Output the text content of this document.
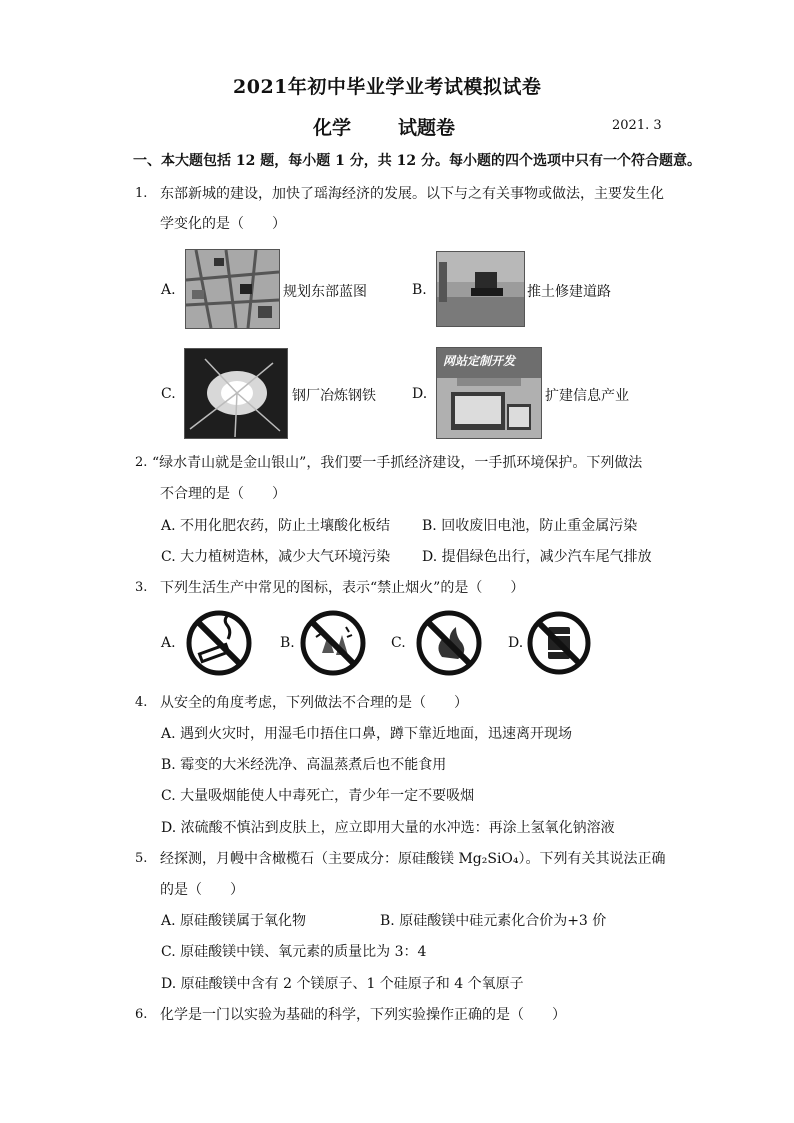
2021年初中毕业学业考试模拟试卷
化学 试题卷	2021. 3
一、本大题包括 12 题，每小题 1 分，共 12 分。每小题的四个选项中只有一个符合题意。
1. 东部新城的建设，加快了瑶海经济的发展。以下与之有关事物或做法，主要发生化
学变化的是（　　）
A.	规划东部蓝图	B.	推土修建道路
C.	钢厂冶炼钢铁	D.
网站定制开发
扩建信息产业
2. “绿水青山就是金山银山”，我们要一手抓经济建设，一手抓环境保护。下列做法
不合理的是（　　）
A. 不用化肥农药，防止土壤酸化板结 B. 回收废旧电池，防止重金属污染
C. 大力植树造林，减少大气环境污染 D. 提倡绿色出行，减少汽车尾气排放
3. 下列生活生产中常见的图标，表示“禁止烟火”的是（　　）
A.	B.	C.	D.
4. 从安全的角度考虑，下列做法不合理的是（　　）
A. 遇到火灾时，用湿毛巾捂住口鼻，蹲下靠近地面，迅速离开现场
B. 霉变的大米经洗净、高温蒸煮后也不能食用
C. 大量吸烟能使人中毒死亡，青少年一定不要吸烟
D. 浓硫酸不慎沾到皮肤上，应立即用大量的水冲选：再涂上氢氧化钠溶液
5. 经探测，月幔中含橄榄石（主要成分：原硅酸镁 Mg₂SiO₄）。下列有关其说法正确
的是（　　）
A. 原硅酸镁属于氧化物	B. 原硅酸镁中硅元素化合价为+3 价
C. 原硅酸镁中镁、氧元素的质量比为 3：4
D. 原硅酸镁中含有 2 个镁原子、1 个硅原子和 4 个氧原子
6. 化学是一门以实验为基础的科学，下列实验操作正确的是（　　）
